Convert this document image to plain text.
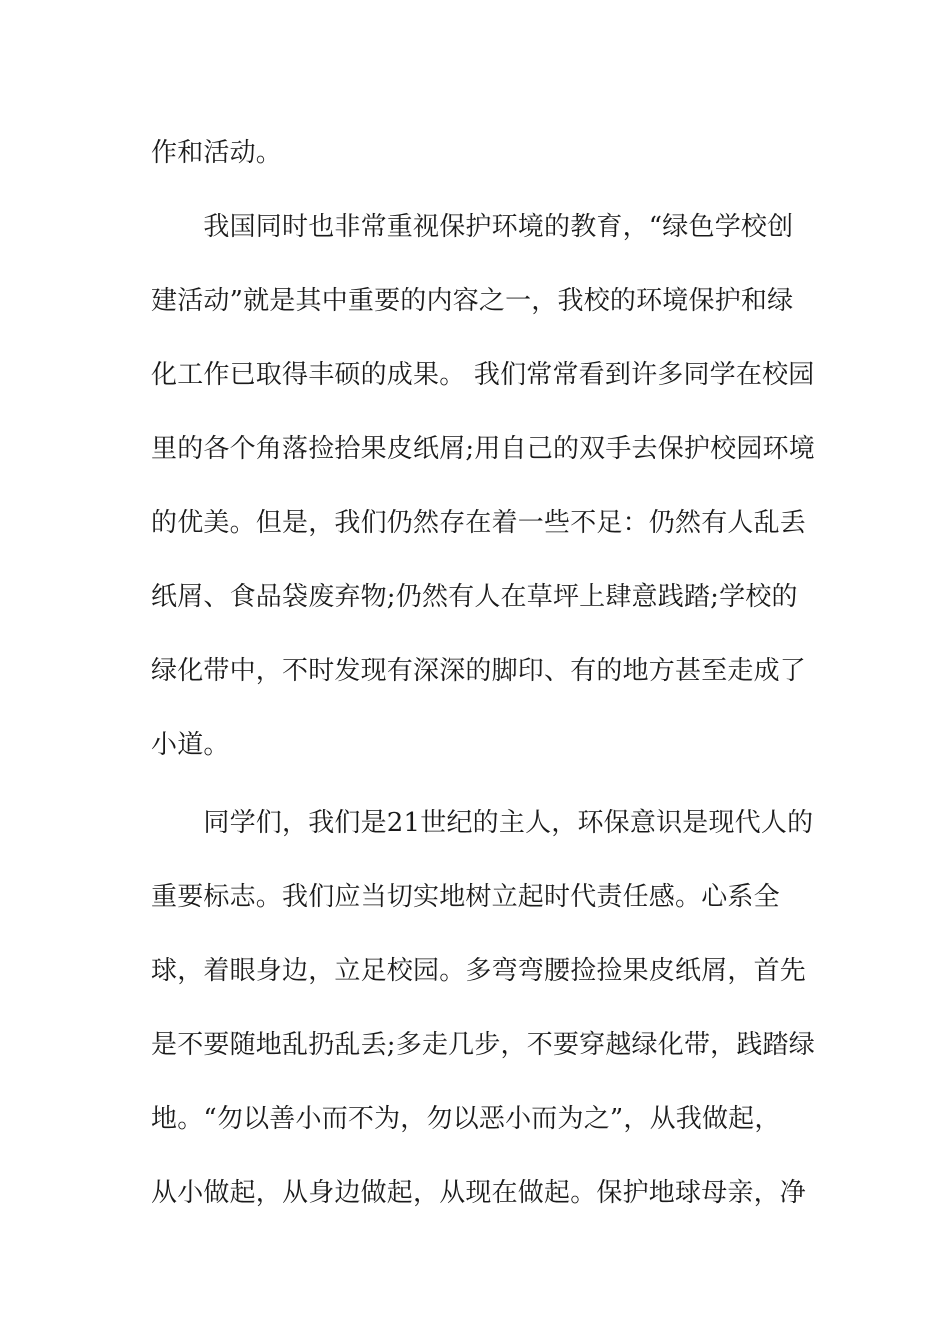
作和活动。
　　我国同时也非常重视保护环境的教育，“绿色学校创
建活动”就是其中重要的内容之一，我校的环境保护和绿
化工作已取得丰硕的成果。 我们常常看到许多同学在校园
里的各个角落捡拾果皮纸屑;用自己的双手去保护校园环境
的优美。但是，我们仍然存在着一些不足：仍然有人乱丢
纸屑、食品袋废弃物;仍然有人在草坪上肆意践踏;学校的
绿化带中，不时发现有深深的脚印、有的地方甚至走成了
小道。
　　同学们，我们是21世纪的主人，环保意识是现代人的
重要标志。我们应当切实地树立起时代责任感。心系全
球，着眼身边，立足校园。多弯弯腰捡捡果皮纸屑，首先
是不要随地乱扔乱丢;多走几步，不要穿越绿化带，践踏绿
地。“勿以善小而不为，勿以恶小而为之”，从我做起，
从小做起，从身边做起，从现在做起。保护地球母亲，净
